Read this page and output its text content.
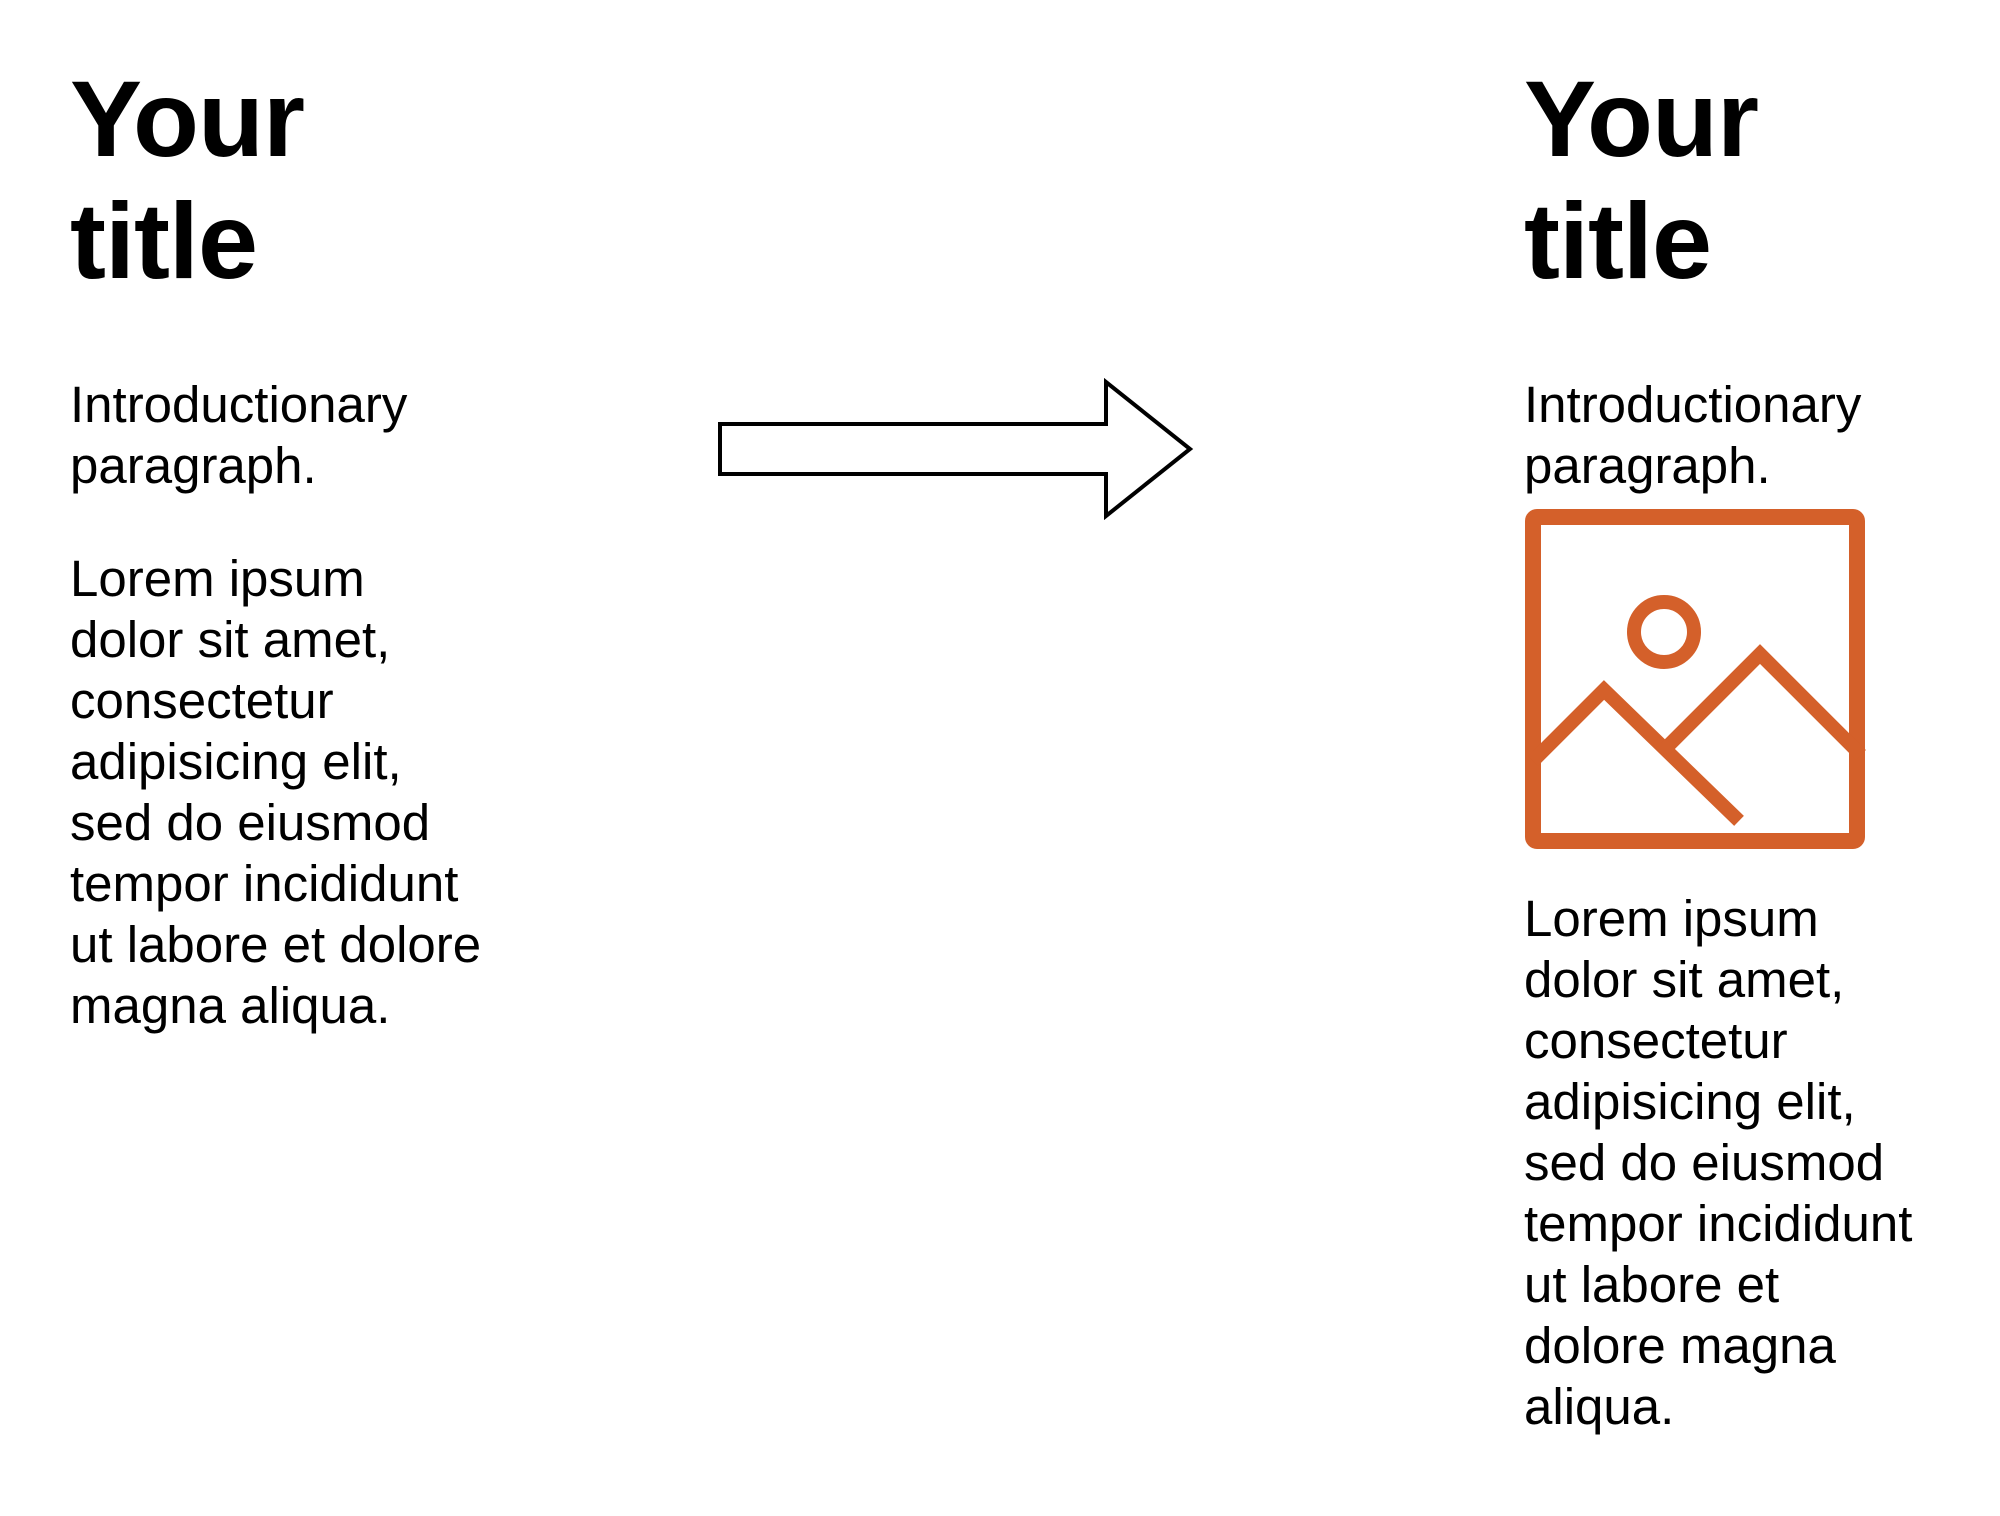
Your
title

Introductionary
paragraph.

Lorem ipsum
dolor sit amet,
consectetur
adipisicing elit,
sed do eiusmod
tempor incididunt
ut labore et dolore
magna aliqua.

Your
title

Introductionary
paragraph.

Lorem ipsum
dolor sit amet,
consectetur
adipisicing elit,
sed do eiusmod
tempor incididunt
ut labore et
dolore magna
aliqua.
